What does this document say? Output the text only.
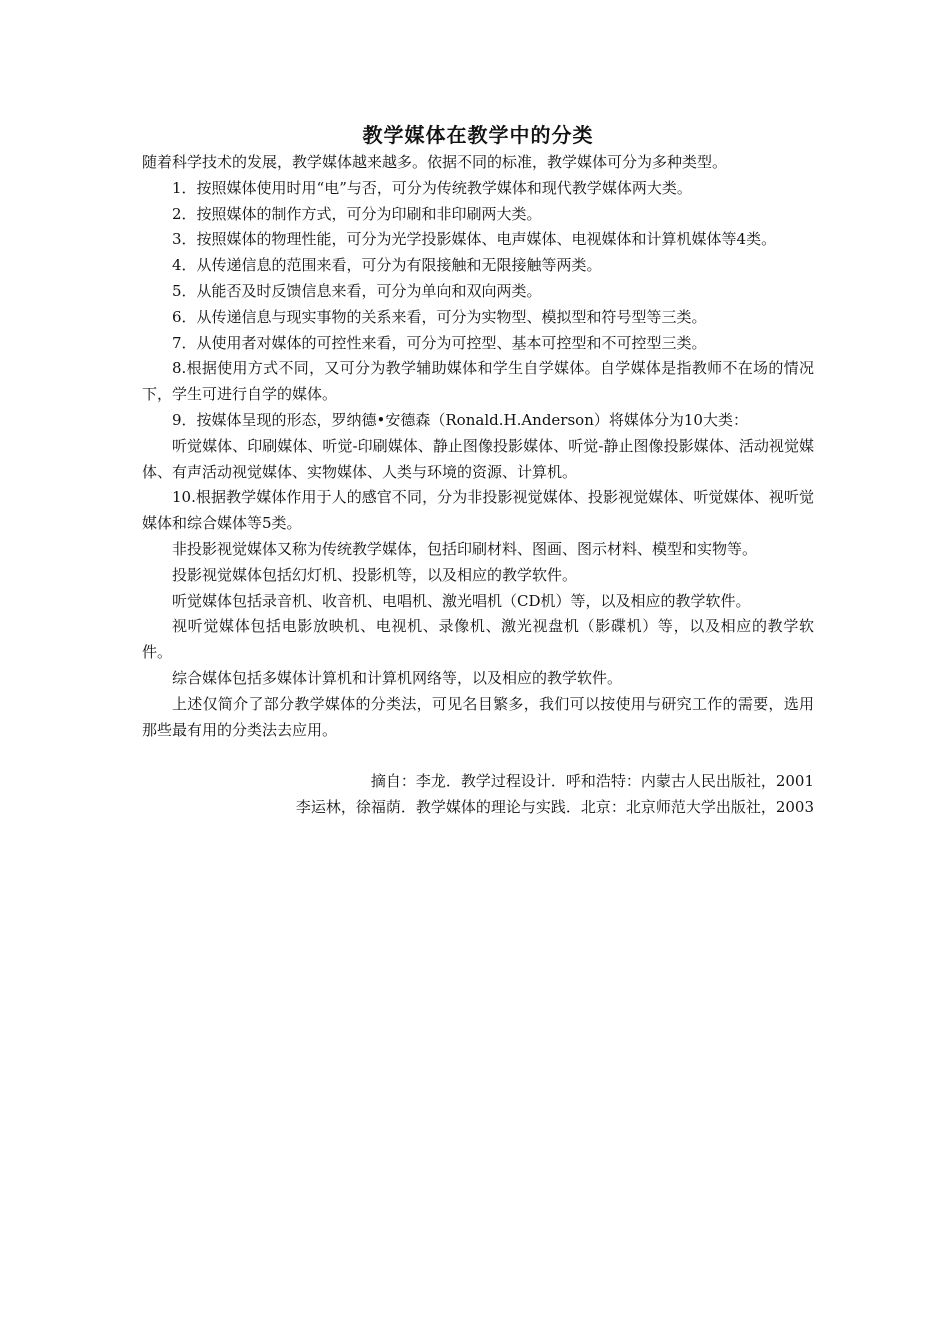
教学媒体在教学中的分类

随着科学技术的发展，教学媒体越来越多。依据不同的标准，教学媒体可分为多种类型。

1．按照媒体使用时用“电”与否，可分为传统教学媒体和现代教学媒体两大类。

2．按照媒体的制作方式，可分为印刷和非印刷两大类。

3．按照媒体的物理性能，可分为光学投影媒体、电声媒体、电视媒体和计算机媒体等4类。

4．从传递信息的范围来看，可分为有限接触和无限接触等两类。

5．从能否及时反馈信息来看，可分为单向和双向两类。

6．从传递信息与现实事物的关系来看，可分为实物型、模拟型和符号型等三类。

7．从使用者对媒体的可控性来看，可分为可控型、基本可控型和不可控型三类。

8.根据使用方式不同，又可分为教学辅助媒体和学生自学媒体。自学媒体是指教师不在场的情况下，学生可进行自学的媒体。

9．按媒体呈现的形态，罗纳德•安德森（Ronald.H.Anderson）将媒体分为10大类：

听觉媒体、印刷媒体、听觉-印刷媒体、静止图像投影媒体、听觉-静止图像投影媒体、活动视觉媒体、有声活动视觉媒体、实物媒体、人类与环境的资源、计算机。

10.根据教学媒体作用于人的感官不同，分为非投影视觉媒体、投影视觉媒体、听觉媒体、视听觉媒体和综合媒体等5类。

非投影视觉媒体又称为传统教学媒体，包括印刷材料、图画、图示材料、模型和实物等。

投影视觉媒体包括幻灯机、投影机等，以及相应的教学软件。

听觉媒体包括录音机、收音机、电唱机、激光唱机（CD机）等，以及相应的教学软件。

视听觉媒体包括电影放映机、电视机、录像机、激光视盘机（影碟机）等，以及相应的教学软件。

综合媒体包括多媒体计算机和计算机网络等，以及相应的教学软件。

上述仅简介了部分教学媒体的分类法，可见名目繁多，我们可以按使用与研究工作的需要，选用那些最有用的分类法去应用。

摘自：李龙．教学过程设计．呼和浩特：内蒙古人民出版社，2001

李运林，徐福荫．教学媒体的理论与实践．北京：北京师范大学出版社，2003
